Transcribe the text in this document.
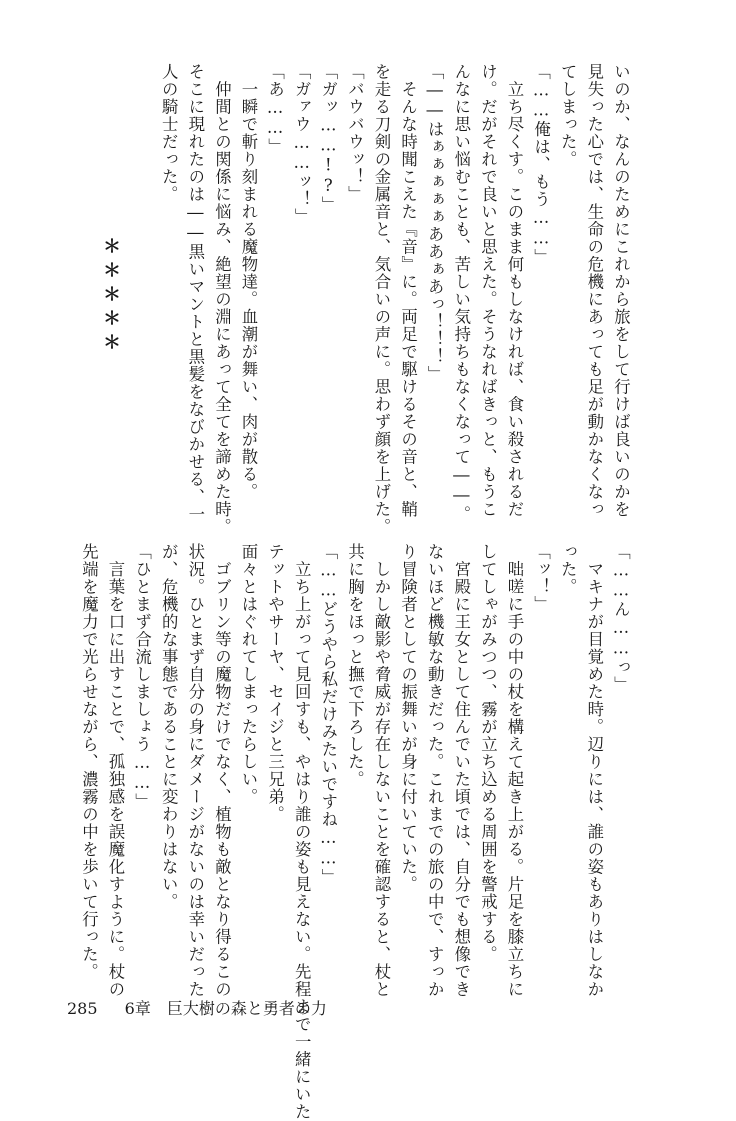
いのか、なんのためにこれから旅をして行けば良いのかを
見失った心では、生命の危機にあっても足が動かなくなっ
てしまった。
「……俺は、もう……」
　立ち尽くす。このまま何もしなければ、食い殺されるだ
け。だがそれで良いと思えた。そうなればきっと、もうこ
んなに思い悩むことも、苦しい気持ちもなくなって――。
「――はぁぁぁぁぁああぁあっ！！！」
　そんな時聞こえた『音』に。両足で駆けるその音と、鞘
を走る刀剣の金属音と、気合いの声に。思わず顔を上げた。
「バウバウッ！」
「ガッ……!?」
「ガァウ……ッ！」
「あ……」
　一瞬で斬り刻まれる魔物達。血潮が舞い、肉が散る。
　仲間との関係に悩み、絶望の淵にあって全てを諦めた時。
そこに現れたのは――黒いマントと黒髪をなびかせる、一
人の騎士だった。
「……ん……っ」
　マキナが目覚めた時。辺りには、誰の姿もありはしなか
った。
「ッ！」
　咄嗟に手の中の杖を構えて起き上がる。片足を膝立ちに
してしゃがみつつ、霧が立ち込める周囲を警戒する。
　宮殿に王女として住んでいた頃では、自分でも想像でき
ないほど機敏な動きだった。これまでの旅の中で、すっか
り冒険者としての振舞いが身に付いていた。
　しかし敵影や脅威が存在しないことを確認すると、杖と
共に胸をほっと撫で下ろした。
「……どうやら私だけみたいですね……」
　立ち上がって見回すも、やはり誰の姿も見えない。先程まで一緒にいた
テットやサーヤ、セイジと三兄弟。
面々とはぐれてしまったらしい。
　ゴブリン等の魔物だけでなく、植物も敵となり得るこの
状況。ひとまず自分の身にダメージがないのは幸いだった
が、危機的な事態であることに変わりはない。
「ひとまず合流しましょう……」
　言葉を口に出すことで、孤独感を誤魔化すように。杖の
先端を魔力で光らせながら、濃霧の中を歩いて行った。
＊＊＊＊＊
285 6章　巨大樹の森と勇者の力
